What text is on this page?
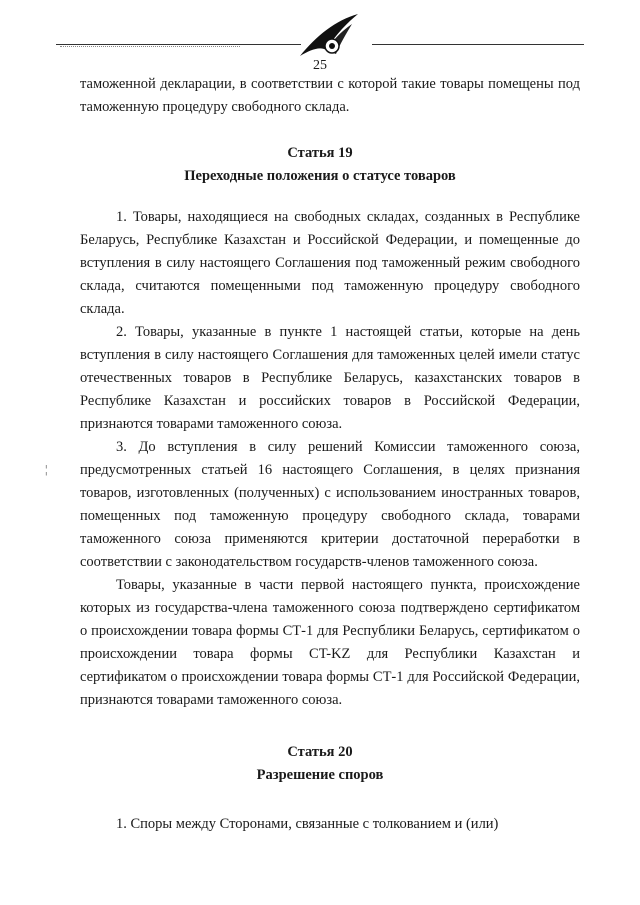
25

таможенной декларации, в соответствии с которой такие товары помещены под таможенную процедуру свободного склада.

Статья 19
Переходные положения о статусе товаров

1. Товары, находящиеся на свободных складах, созданных в Республике Беларусь, Республике Казахстан и Российской Федерации, и помещенные до вступления в силу настоящего Соглашения под таможенный режим свободного склада, считаются помещенными под таможенную процедуру свободного склада.

2. Товары, указанные в пункте 1 настоящей статьи, которые на день вступления в силу настоящего Соглашения для таможенных целей имели статус отечественных товаров в Республике Беларусь, казахстанских товаров в Республике Казахстан и российских товаров в Российской Федерации, признаются товарами таможенного союза.

3. До вступления в силу решений Комиссии таможенного союза, предусмотренных статьей 16 настоящего Соглашения, в целях признания товаров, изготовленных (полученных) с использованием иностранных товаров, помещенных под таможенную процедуру свободного склада, товарами таможенного союза применяются критерии достаточной переработки в соответствии с законодательством государств-членов таможенного союза.

Товары, указанные в части первой настоящего пункта, происхождение которых из государства-члена таможенного союза подтверждено сертификатом о происхождении товара формы СТ-1 для Республики Беларусь, сертификатом о происхождении товара формы CT-KZ для Республики Казахстан и сертификатом о происхождении товара формы СТ-1 для Российской Федерации, признаются товарами таможенного союза.

Статья 20
Разрешение споров

1. Споры между Сторонами, связанные с толкованием и (или)

¦
